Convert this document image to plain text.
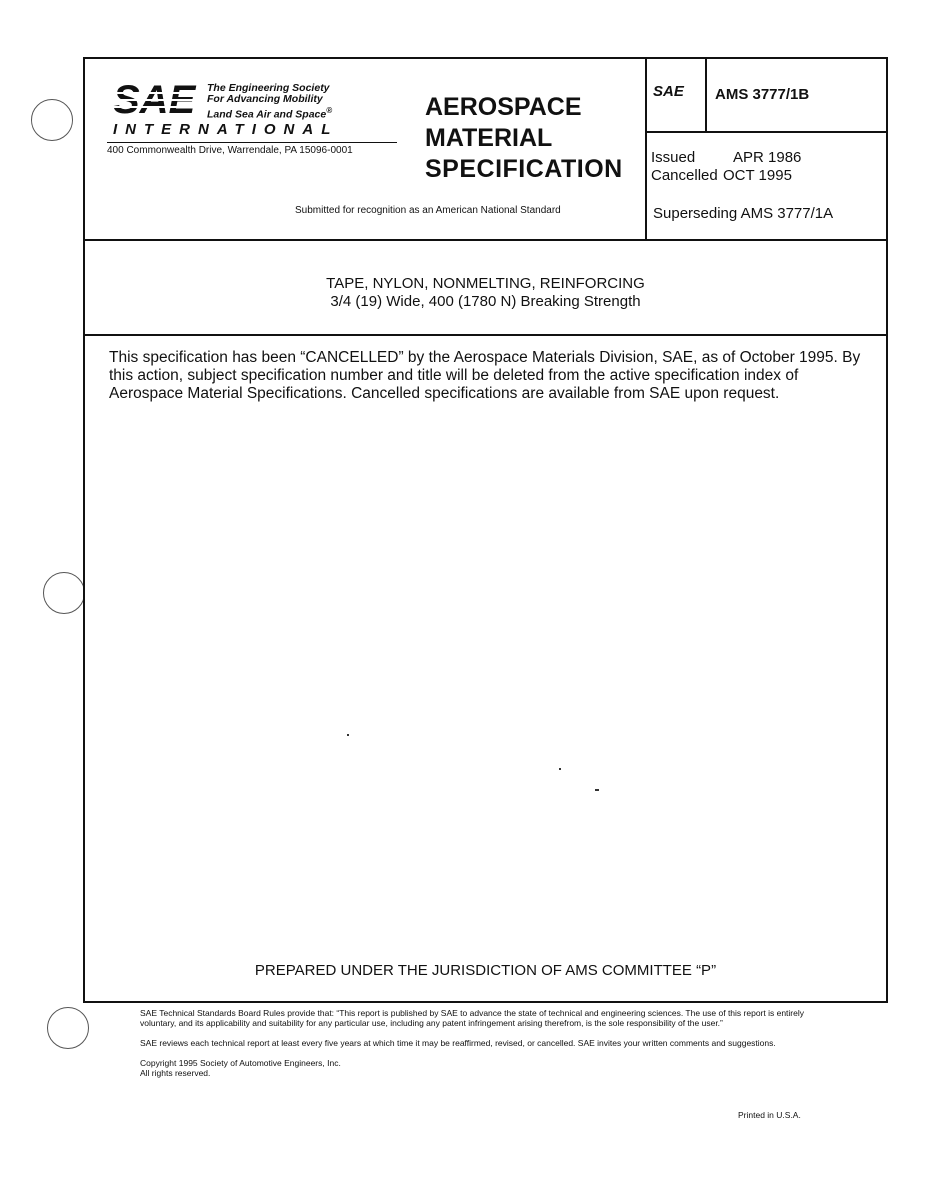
The Engineering Society
For Advancing Mobility
Land Sea Air and Space®
INTERNATIONAL
400 Commonwealth Drive, Warrendale, PA 15096-0001
AEROSPACE
MATERIAL
SPECIFICATION
Submitted for recognition as an American National Standard
SAE AMS 3777/1B
Issued	APR 1986
Cancelled OCT 1995
Superseding AMS 3777/1A
TAPE, NYLON, NONMELTING, REINFORCING
3/4 (19) Wide, 400 (1780 N) Breaking Strength
This specification has been “CANCELLED” by the Aerospace Materials Division, SAE, as of October 1995. By this action, subject specification number and title will be deleted from the active specification index of Aerospace Material Specifications. Cancelled specifications are available from SAE upon request.
PREPARED UNDER THE JURISDICTION OF AMS COMMITTEE “P”

SAE Technical Standards Board Rules provide that: “This report is published by SAE to advance the state of technical and engineering sciences. The use of this report is entirely voluntary, and its applicability and suitability for any particular use, including any patent infringement arising therefrom, is the sole responsibility of the user.”

SAE reviews each technical report at least every five years at which time it may be reaffirmed, revised, or cancelled. SAE invites your written comments and suggestions.

Copyright 1995 Society of Automotive Engineers, Inc.
All rights reserved.
Printed in U.S.A.
